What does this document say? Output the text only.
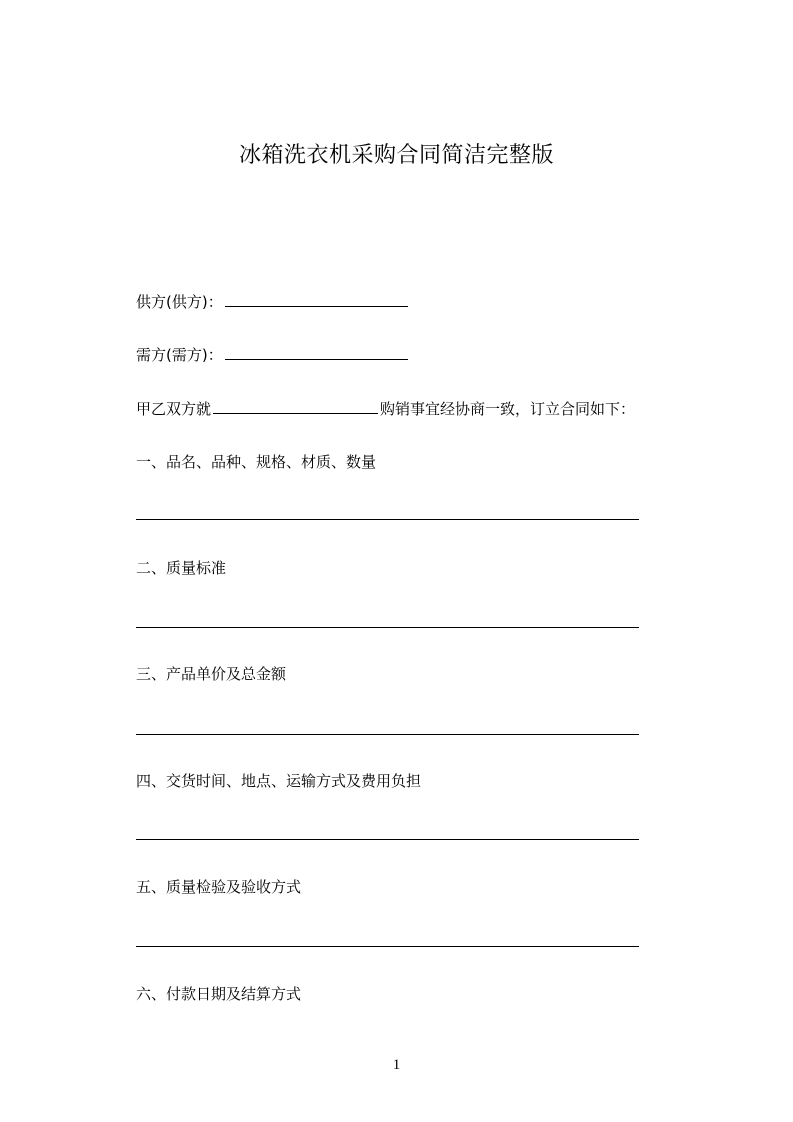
冰箱洗衣机采购合同简洁完整版
供方(供方)：
需方(需方)：
甲乙双方就	购销事宜经协商一致，订立合同如下：
一、品名、品种、规格、材质、数量
二、质量标准
三、产品单价及总金额
四、交货时间、地点、运输方式及费用负担
五、质量检验及验收方式
六、付款日期及结算方式
1
